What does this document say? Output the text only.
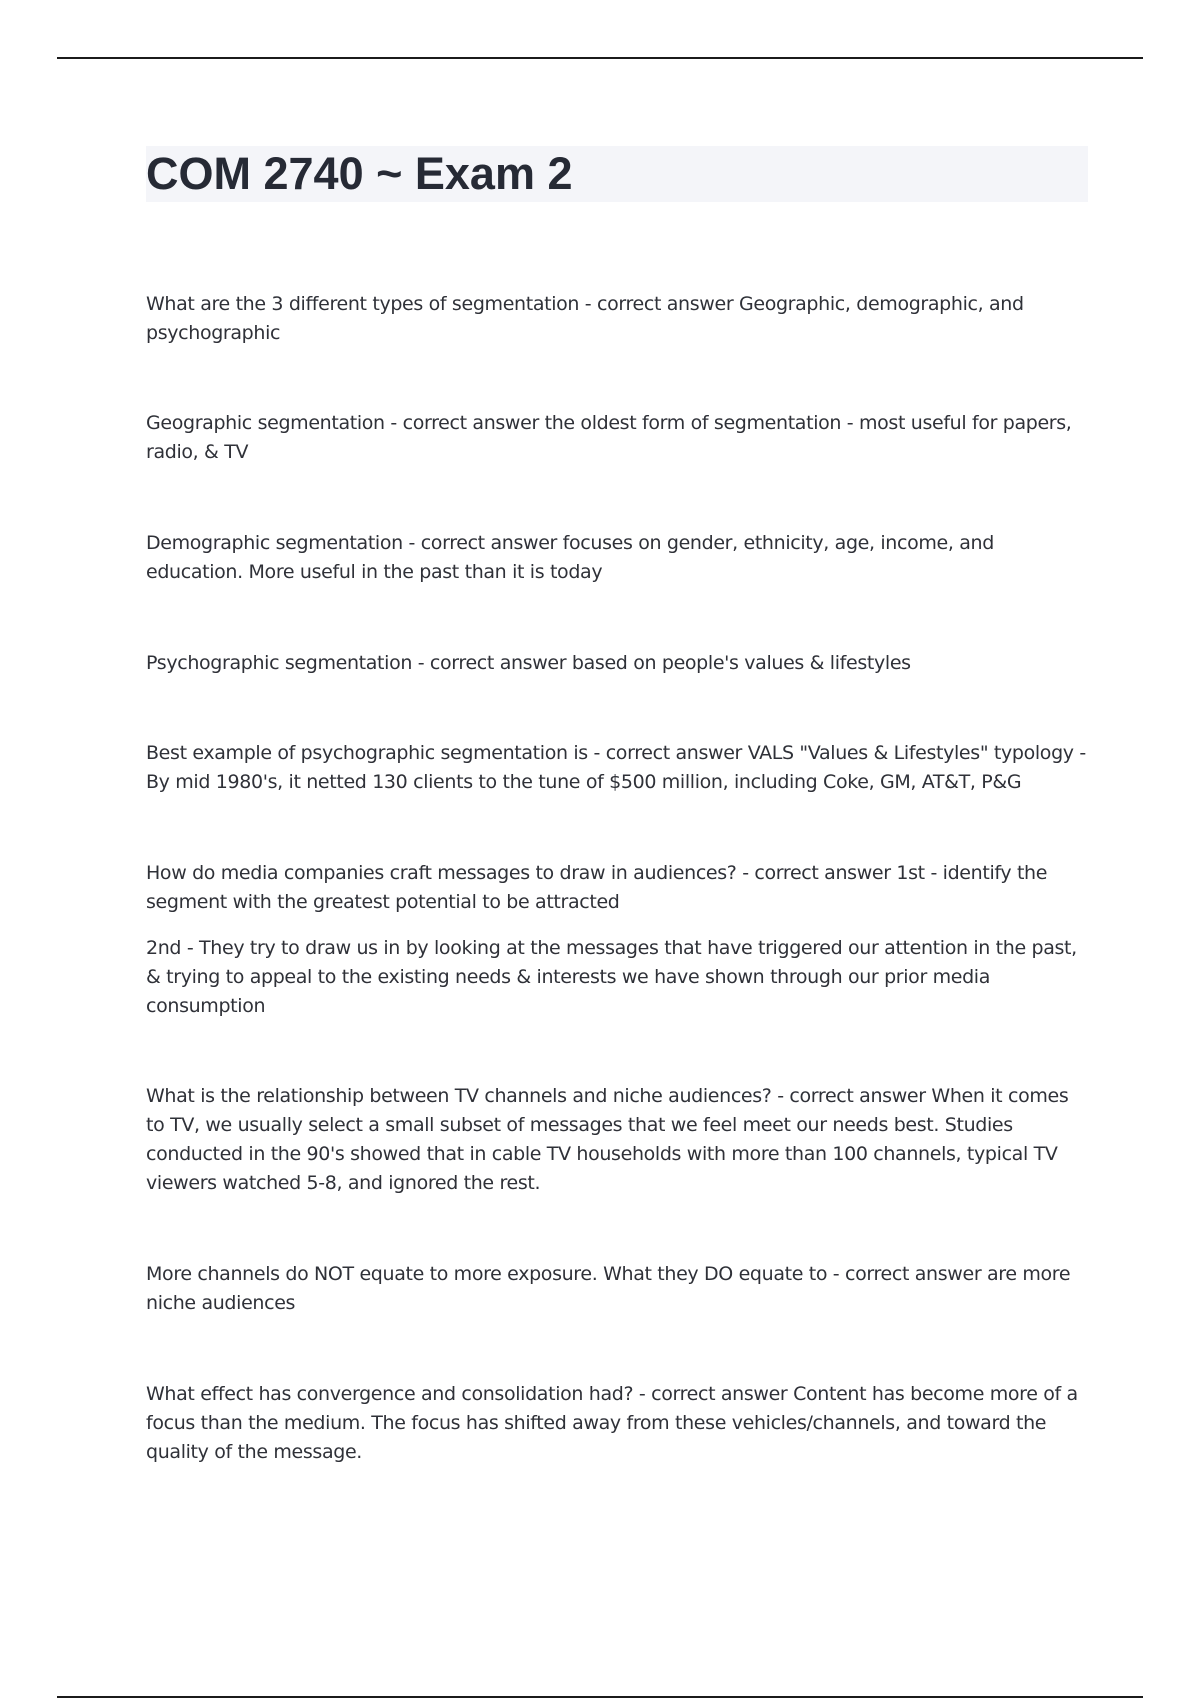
COM 2740 ~ Exam 2

What are the 3 different types of segmentation - correct answer Geographic, demographic, and psychographic

Geographic segmentation - correct answer the oldest form of segmentation - most useful for papers, radio, & TV

Demographic segmentation - correct answer focuses on gender, ethnicity, age, income, and education. More useful in the past than it is today

Psychographic segmentation - correct answer based on people's values & lifestyles

Best example of psychographic segmentation is - correct answer VALS "Values & Lifestyles" typology - By mid 1980's, it netted 130 clients to the tune of $500 million, including Coke, GM, AT&T, P&G

How do media companies craft messages to draw in audiences? - correct answer 1st - identify the segment with the greatest potential to be attracted

2nd - They try to draw us in by looking at the messages that have triggered our attention in the past, & trying to appeal to the existing needs & interests we have shown through our prior media consumption

What is the relationship between TV channels and niche audiences? - correct answer When it comes to TV, we usually select a small subset of messages that we feel meet our needs best. Studies conducted in the 90's showed that in cable TV households with more than 100 channels, typical TV viewers watched 5-8, and ignored the rest.

More channels do NOT equate to more exposure. What they DO equate to - correct answer are more niche audiences

What effect has convergence and consolidation had? - correct answer Content has become more of a focus than the medium. The focus has shifted away from these vehicles/channels, and toward the quality of the message.
